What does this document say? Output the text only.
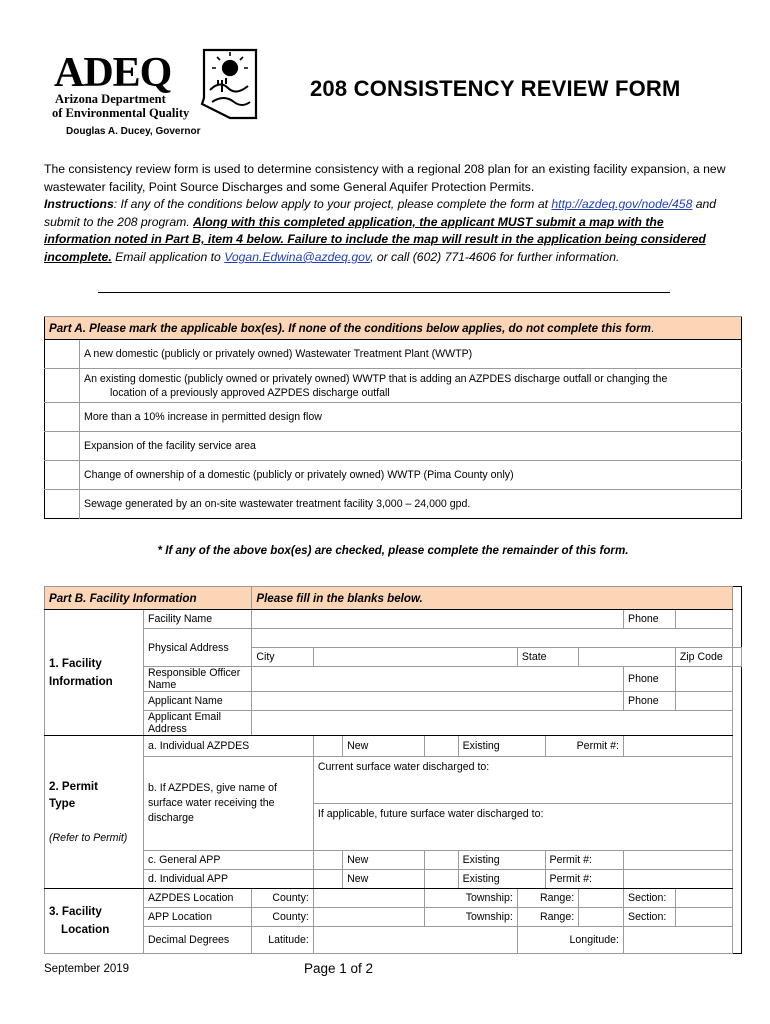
ADEQ
Arizona Department
of Environmental Quality
Douglas A. Ducey, Governor
208 CONSISTENCY REVIEW FORM

The consistency review form is used to determine consistency with a regional 208 plan for an existing facility expansion, a new wastewater facility, Point Source Discharges and some General Aquifer Protection Permits.

Instructions: If any of the conditions below apply to your project, please complete the form at http://azdeq.gov/node/458 and submit to the 208 program. Along with this completed application, the applicant MUST submit a map with the information noted in Part B, item 4 below. Failure to include the map will result in the application being considered incomplete. Email application to Vogan.Edwina@azdeq.gov, or call (602) 771-4606 for further information.

Part A. Please mark the applicable box(es). If none of the conditions below applies, do not complete this form.	
	A new domestic (publicly or privately owned) Wastewater Treatment Plant (WWTP)
	An existing domestic (publicly owned or privately owned) WWTP that is adding an AZPDES discharge outfall or changing the
location of a previously approved AZPDES discharge outfall
	More than a 10% increase in permitted design flow
	Expansion of the facility service area
	Change of ownership of a domestic (publicly or privately owned) WWTP (Pima County only)
	Sewage generated by an on-site wastewater treatment facility 3,000 – 24,000 gpd.
* If any of the above box(es) are checked, please complete the remainder of this form.
Part B. Facility Information		Please fill in the blanks below.										
1. Facility
Information	Facility Name									Phone		
	Physical Address											
		City					State				Zip Code	
	Responsible Officer Name									Phone		
	Applicant Name									Phone		
	Applicant Email Address											
2. Permit
Type

(Refer to Permit)	a. Individual AZPDES			New		Existing		Permit #:				
	b. If AZPDES, give name of surface water receiving the discharge		Current surface water discharged to:									
			If applicable, future surface water discharged to:									
	c. General APP			New		Existing		Permit #:				
	d. Individual APP			New		Existing		Permit #:				
3. Facility
Location	AZPDES Location	County:			Township:		Range:			Section:		
	APP Location	County:			Township:		Range:			Section:		
	Decimal Degrees	Latitude:					Longitude:					
September 2019	Page 1 of 2
